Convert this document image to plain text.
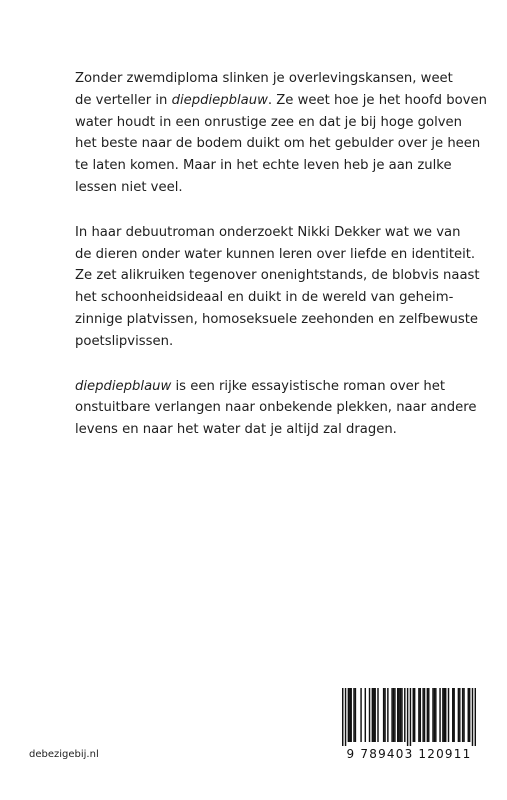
Zonder zwemdiploma slinken je overlevingskansen, weet
de verteller in diepdiepblauw. Ze weet hoe je het hoofd boven
water houdt in een onrustige zee en dat je bij hoge golven
het beste naar de bodem duikt om het gebulder over je heen
te laten komen. Maar in het echte leven heb je aan zulke
lessen niet veel.

In haar debuutroman onderzoekt Nikki Dekker wat we van
de dieren onder water kunnen leren over liefde en identiteit.
Ze zet alikruiken tegenover onenightstands, de blobvis naast
het schoonheidsideaal en duikt in de wereld van geheim-
zinnige platvissen, homoseksuele zeehonden en zelfbewuste
poetslipvissen.

diepdiepblauw is een rijke essayistische roman over het
onstuitbare verlangen naar onbekende plekken, naar andere
levens en naar het water dat je altijd zal dragen.

debezigebij.nl	9 789403 120911
